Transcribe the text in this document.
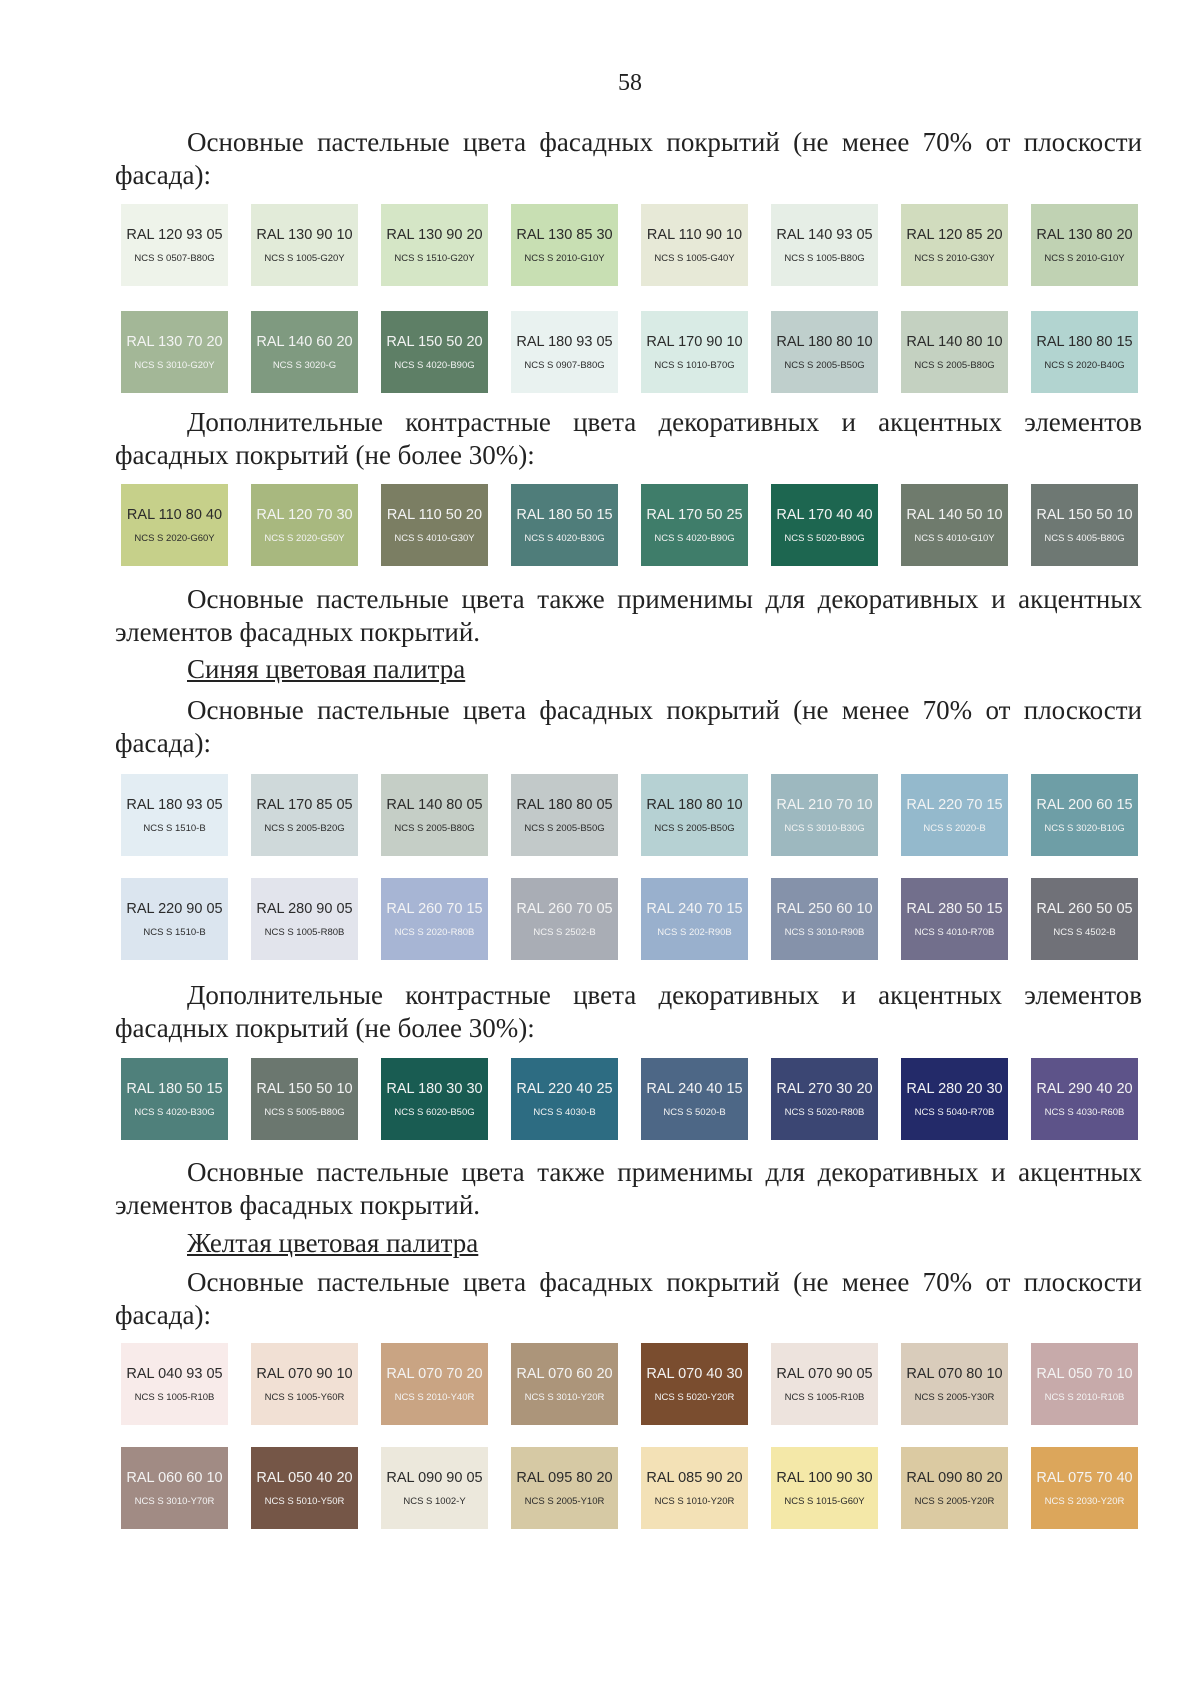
58
Основные пастельные цвета фасадных покрытий (не менее 70% от плоскости фасада):
RAL 120 93 05
NCS S 0507-B80G
RAL 130 90 10
NCS S 1005-G20Y
RAL 130 90 20
NCS S 1510-G20Y
RAL 130 85 30
NCS S 2010-G10Y
RAL 110 90 10
NCS S 1005-G40Y
RAL 140 93 05
NCS S 1005-B80G
RAL 120 85 20
NCS S 2010-G30Y
RAL 130 80 20
NCS S 2010-G10Y
RAL 130 70 20
NCS S 3010-G20Y
RAL 140 60 20
NCS S 3020-G
RAL 150 50 20
NCS S 4020-B90G
RAL 180 93 05
NCS S 0907-B80G
RAL 170 90 10
NCS S 1010-B70G
RAL 180 80 10
NCS S 2005-B50G
RAL 140 80 10
NCS S 2005-B80G
RAL 180 80 15
NCS S 2020-B40G
Дополнительные контрастные цвета декоративных и акцентных элементов фасадных покрытий (не более 30%):
RAL 110 80 40
NCS S 2020-G60Y
RAL 120 70 30
NCS S 2020-G50Y
RAL 110 50 20
NCS S 4010-G30Y
RAL 180 50 15
NCS S 4020-B30G
RAL 170 50 25
NCS S 4020-B90G
RAL 170 40 40
NCS S 5020-B90G
RAL 140 50 10
NCS S 4010-G10Y
RAL 150 50 10
NCS S 4005-B80G
Основные пастельные цвета также применимы для декоративных и акцентных элементов фасадных покрытий.
Синяя цветовая палитра
Основные пастельные цвета фасадных покрытий (не менее 70% от плоскости фасада):
RAL 180 93 05
NCS S 1510-B
RAL 170 85 05
NCS S 2005-B20G
RAL 140 80 05
NCS S 2005-B80G
RAL 180 80 05
NCS S 2005-B50G
RAL 180 80 10
NCS S 2005-B50G
RAL 210 70 10
NCS S 3010-B30G
RAL 220 70 15
NCS S 2020-B
RAL 200 60 15
NCS S 3020-B10G
RAL 220 90 05
NCS S 1510-B
RAL 280 90 05
NCS S 1005-R80B
RAL 260 70 15
NCS S 2020-R80B
RAL 260 70 05
NCS S 2502-B
RAL 240 70 15
NCS S 202-R90B
RAL 250 60 10
NCS S 3010-R90B
RAL 280 50 15
NCS S 4010-R70B
RAL 260 50 05
NCS S 4502-B
Дополнительные контрастные цвета декоративных и акцентных элементов фасадных покрытий (не более 30%):
RAL 180 50 15
NCS S 4020-B30G
RAL 150 50 10
NCS S 5005-B80G
RAL 180 30 30
NCS S 6020-B50G
RAL 220 40 25
NCS S 4030-B
RAL 240 40 15
NCS S 5020-B
RAL 270 30 20
NCS S 5020-R80B
RAL 280 20 30
NCS S 5040-R70B
RAL 290 40 20
NCS S 4030-R60B
Основные пастельные цвета также применимы для декоративных и акцентных элементов фасадных покрытий.
Желтая цветовая палитра
Основные пастельные цвета фасадных покрытий (не менее 70% от плоскости фасада):
RAL 040 93 05
NCS S 1005-R10B
RAL 070 90 10
NCS S 1005-Y60R
RAL 070 70 20
NCS S 2010-Y40R
RAL 070 60 20
NCS S 3010-Y20R
RAL 070 40 30
NCS S 5020-Y20R
RAL 070 90 05
NCS S 1005-R10B
RAL 070 80 10
NCS S 2005-Y30R
RAL 050 70 10
NCS S 2010-R10B
RAL 060 60 10
NCS S 3010-Y70R
RAL 050 40 20
NCS S 5010-Y50R
RAL 090 90 05
NCS S 1002-Y
RAL 095 80 20
NCS S 2005-Y10R
RAL 085 90 20
NCS S 1010-Y20R
RAL 100 90 30
NCS S 1015-G60Y
RAL 090 80 20
NCS S 2005-Y20R
RAL 075 70 40
NCS S 2030-Y20R
